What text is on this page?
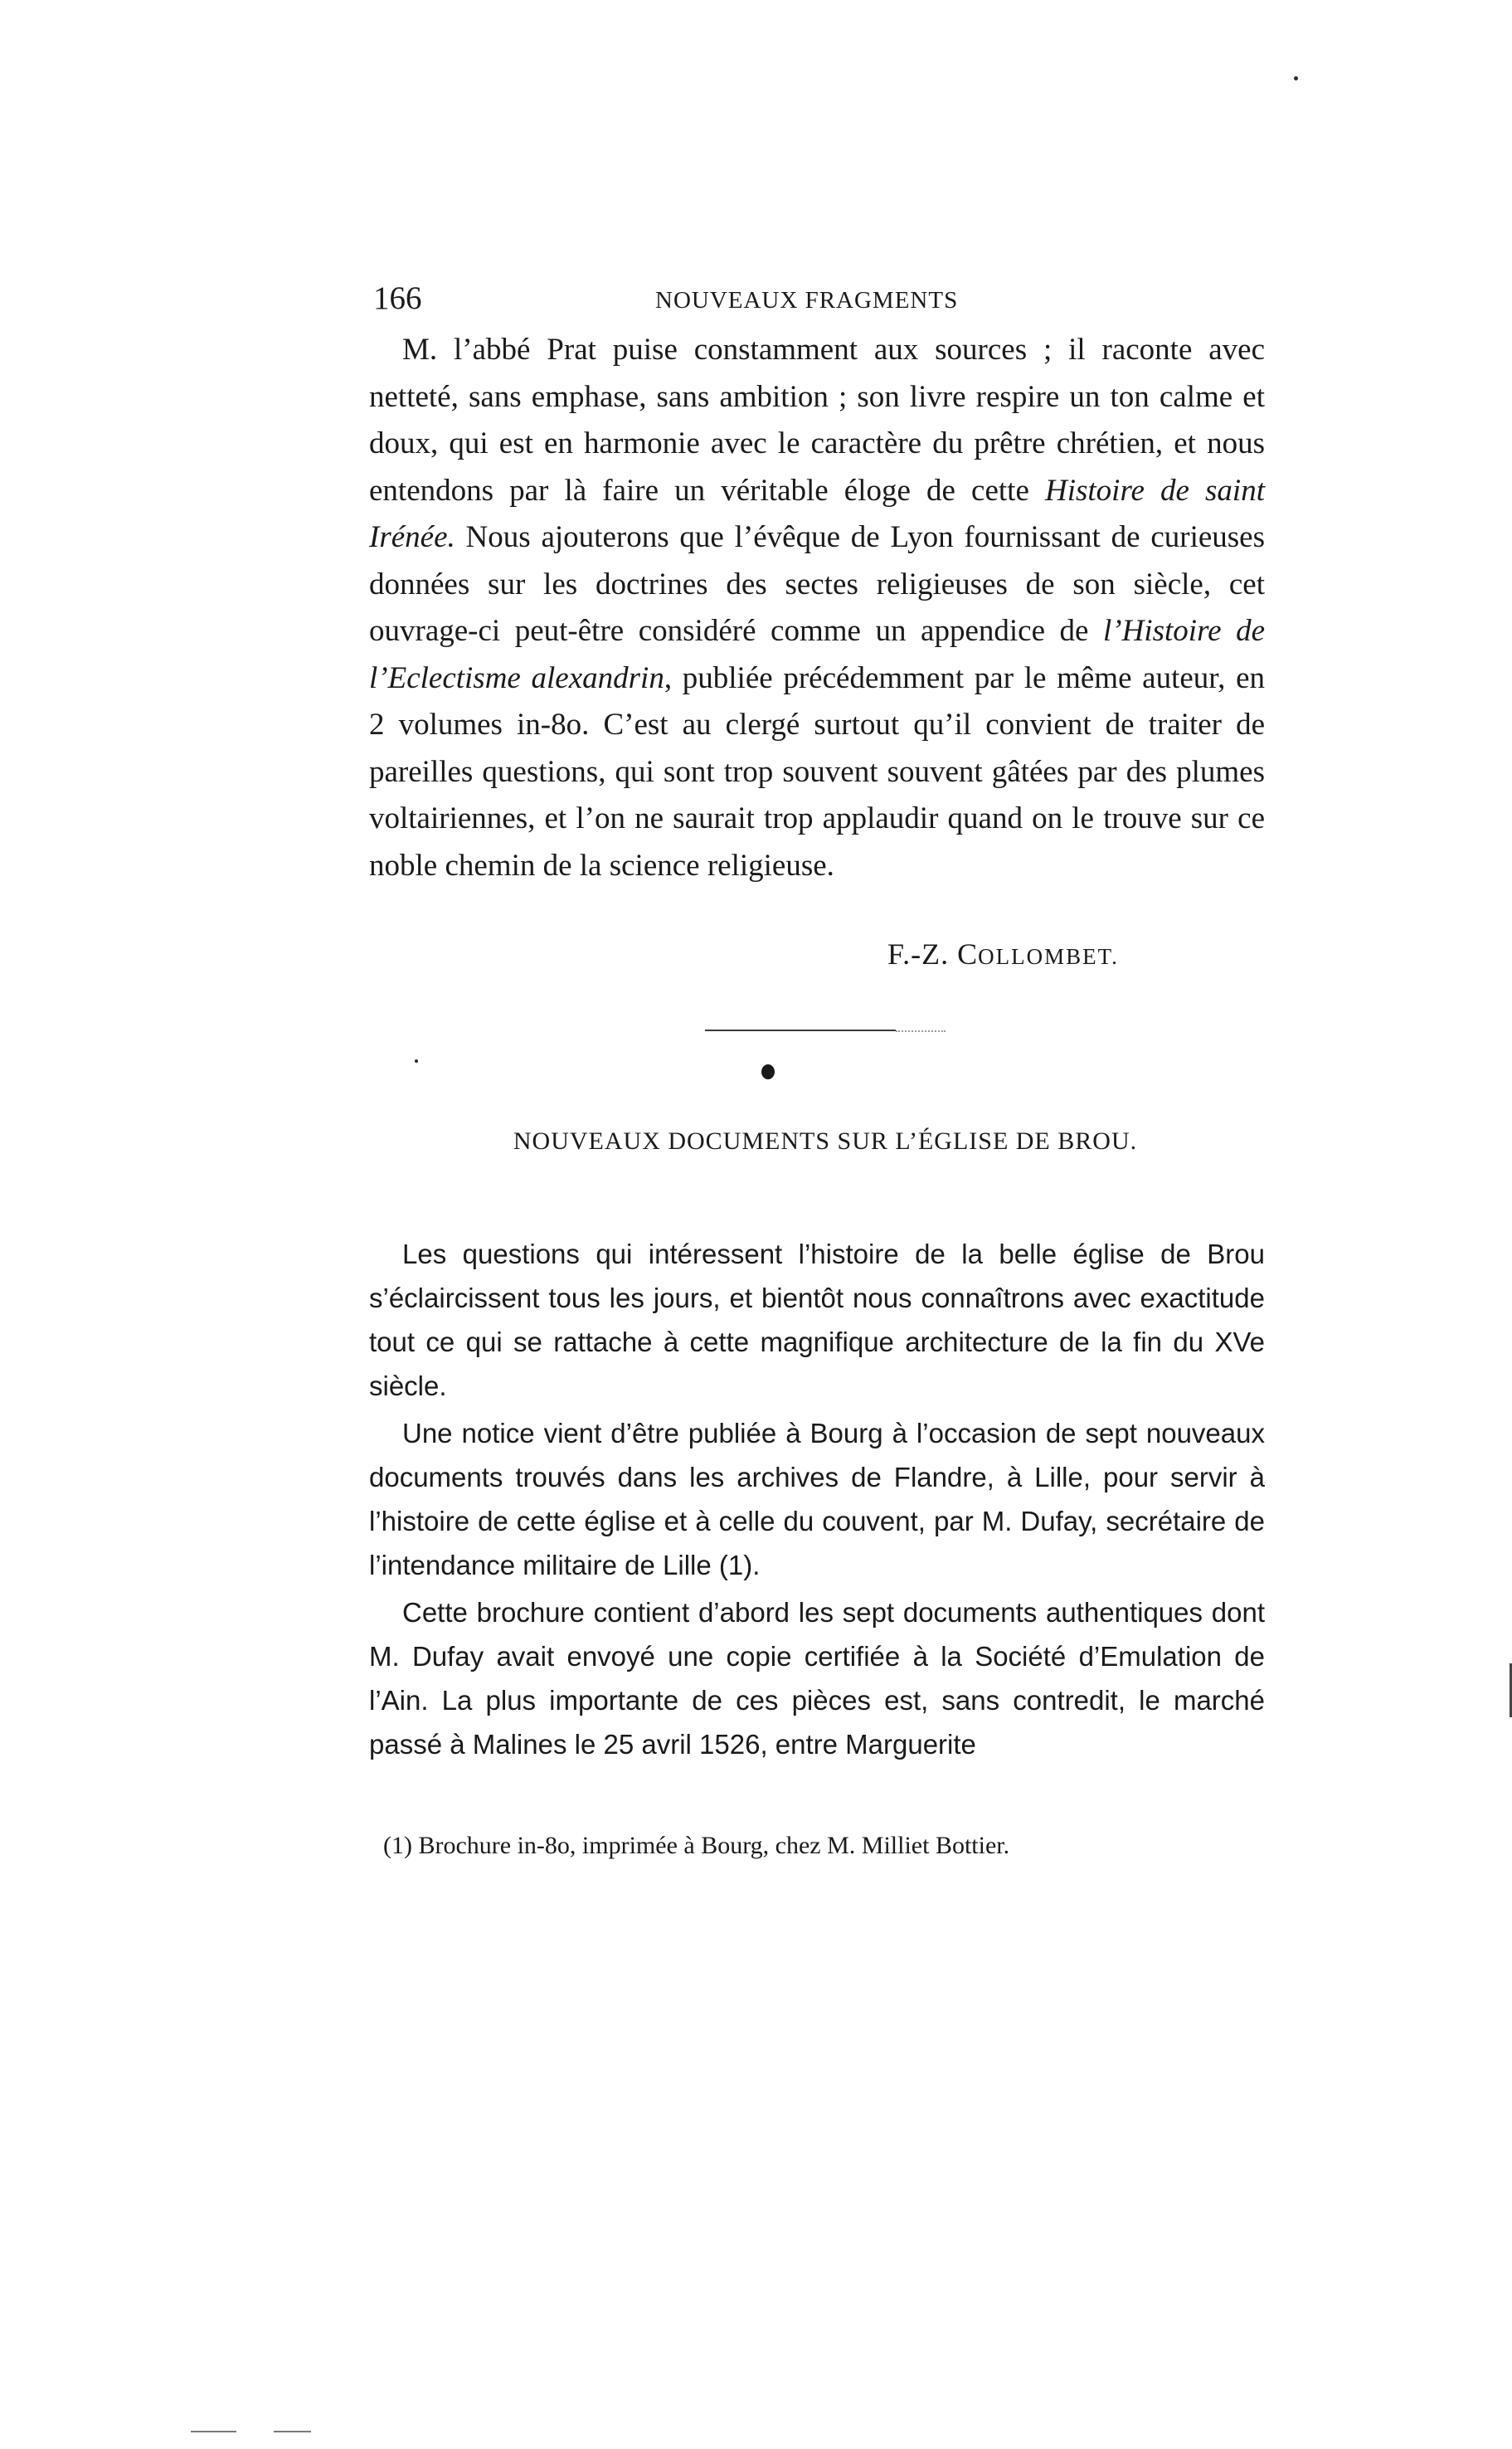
166	NOUVEAUX FRAGMENTS

M. l’abbé Prat puise constamment aux sources ; il raconte avec netteté, sans emphase, sans ambition ; son livre respire un ton calme et doux, qui est en harmonie avec le caractère du prêtre chrétien, et nous entendons par là faire un véritable éloge de cette Histoire de saint Irénée. Nous ajouterons que l’évêque de Lyon fournissant de curieuses données sur les doctrines des sectes religieuses de son siècle, cet ouvrage-ci peut-être considéré comme un appendice de l’Histoire de l’Eclectisme alexandrin, publiée précédemment par le même auteur, en 2 volumes in-8o. C’est au clergé surtout qu’il convient de traiter de pareilles questions, qui sont trop souvent souvent gâtées par des plumes voltairiennes, et l’on ne saurait trop applaudir quand on le trouve sur ce noble chemin de la science religieuse.

F.-Z. COLLOMBET.
NOUVEAUX DOCUMENTS SUR L’ÉGLISE DE BROU.

Les questions qui intéressent l’histoire de la belle église de Brou s’éclaircissent tous les jours, et bientôt nous connaîtrons avec exactitude tout ce qui se rattache à cette magnifique architecture de la fin du XVe siècle.

Une notice vient d’être publiée à Bourg à l’occasion de sept nouveaux documents trouvés dans les archives de Flandre, à Lille, pour servir à l’histoire de cette église et à celle du couvent, par M. Dufay, secrétaire de l’intendance militaire de Lille (1).

Cette brochure contient d’abord les sept documents authentiques dont M. Dufay avait envoyé une copie certifiée à la Société d’Emulation de l’Ain. La plus importante de ces pièces est, sans contredit, le marché passé à Malines le 25 avril 1526, entre Marguerite

(1) Brochure in-8o, imprimée à Bourg, chez M. Milliet Bottier.
